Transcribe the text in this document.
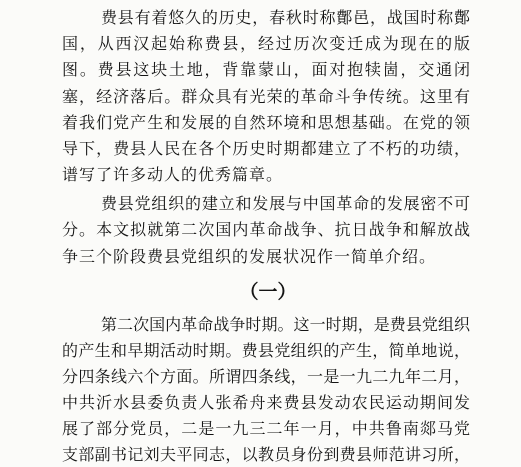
费县有着悠久的历史，春秋时称鄪邑，战国时称鄪
国，从西汉起始称费县，经过历次变迁成为现在的版
图。费县这块土地，背靠蒙山，面对抱犊崮，交通闭
塞，经济落后。群众具有光荣的革命斗争传统。这里有
着我们党产生和发展的自然环境和思想基础。在党的领
导下，费县人民在各个历史时期都建立了不朽的功绩，
谱写了许多动人的优秀篇章。
费县党组织的建立和发展与中国革命的发展密不可
分。本文拟就第二次国内革命战争、抗日战争和解放战
争三个阶段费县党组织的发展状况作一简单介绍。
（一）
第二次国内革命战争时期。这一时期，是费县党组织
的产生和早期活动时期。费县党组织的产生，简单地说，
分四条线六个方面。所谓四条线，一是一九二九年二月，
中共沂水县委负责人张希舟来费县发动农民运动期间发
展了部分党员，二是一九三二年一月，中共鲁南郯马党
支部副书记刘夫平同志，以教员身份到费县师范讲习所，
